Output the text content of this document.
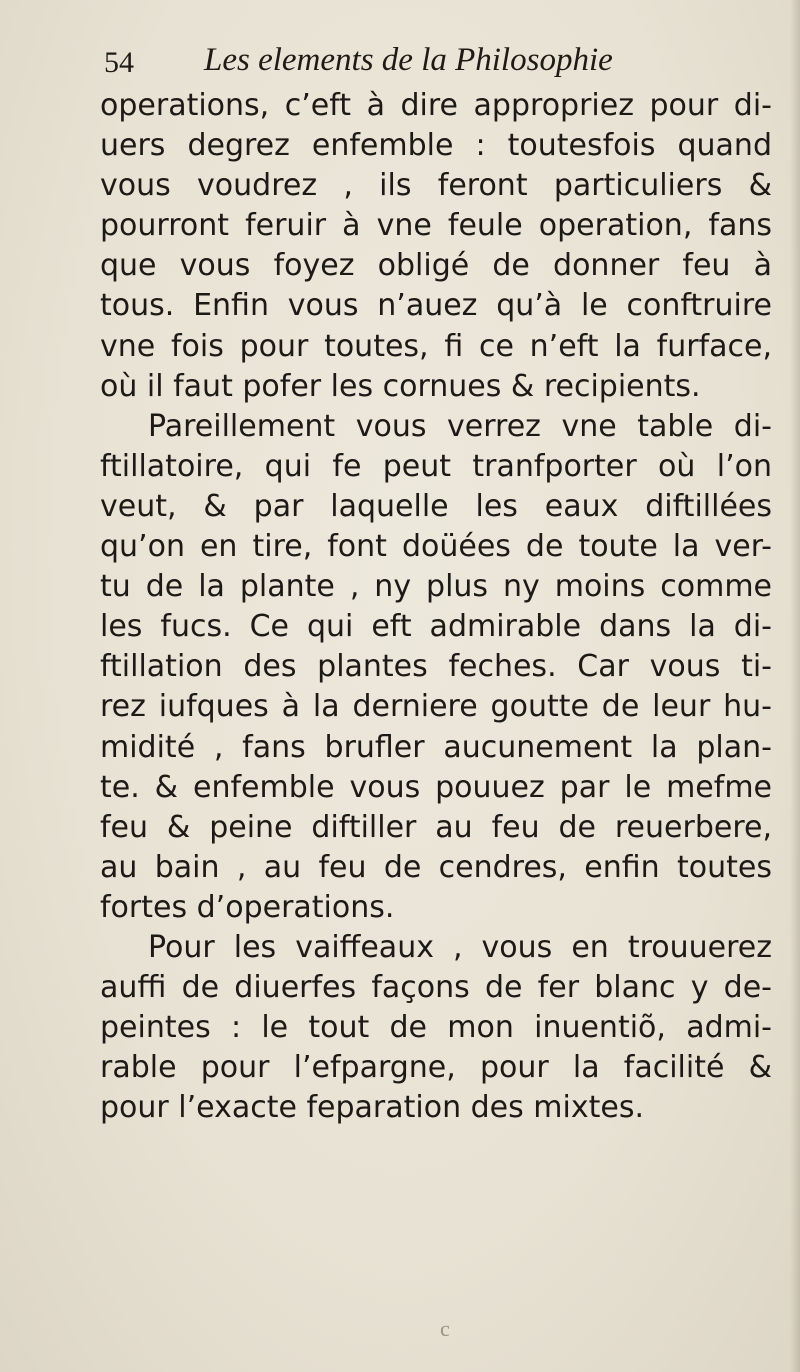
54 Les elements de la Philosophie
operations, c’eft à dire appropriez pour di-
uers degrez enfemble : toutesfois quand
vous voudrez , ils feront particuliers &
pourront feruir à vne feule operation, fans
que vous foyez obligé de donner feu à
tous. Enfin vous n’auez qu’à le conftruire
vne fois pour toutes, fi ce n’eft la furface,
où il faut pofer les cornues & recipients.
Pareillement vous verrez vne table di-
ftillatoire, qui fe peut tranfporter où l’on
veut, & par laquelle les eaux diftillées
qu’on en tire, font doüées de toute la ver-
tu de la plante , ny plus ny moins comme
les fucs. Ce qui eft admirable dans la di-
ftillation des plantes feches. Car vous ti-
rez iufques à la derniere goutte de leur hu-
midité , fans brufler aucunement la plan-
te. & enfemble vous pouuez par le mefme
feu & peine diftiller au feu de reuerbere,
au bain , au feu de cendres, enfin toutes
fortes d’operations.
Pour les vaiffeaux , vous en trouuerez
auffi de diuerfes façons de fer blanc y de-
peintes : le tout de mon inuentiõ, admi-
rable pour l’efpargne, pour la facilité &
pour l’exacte feparation des mixtes.
c
